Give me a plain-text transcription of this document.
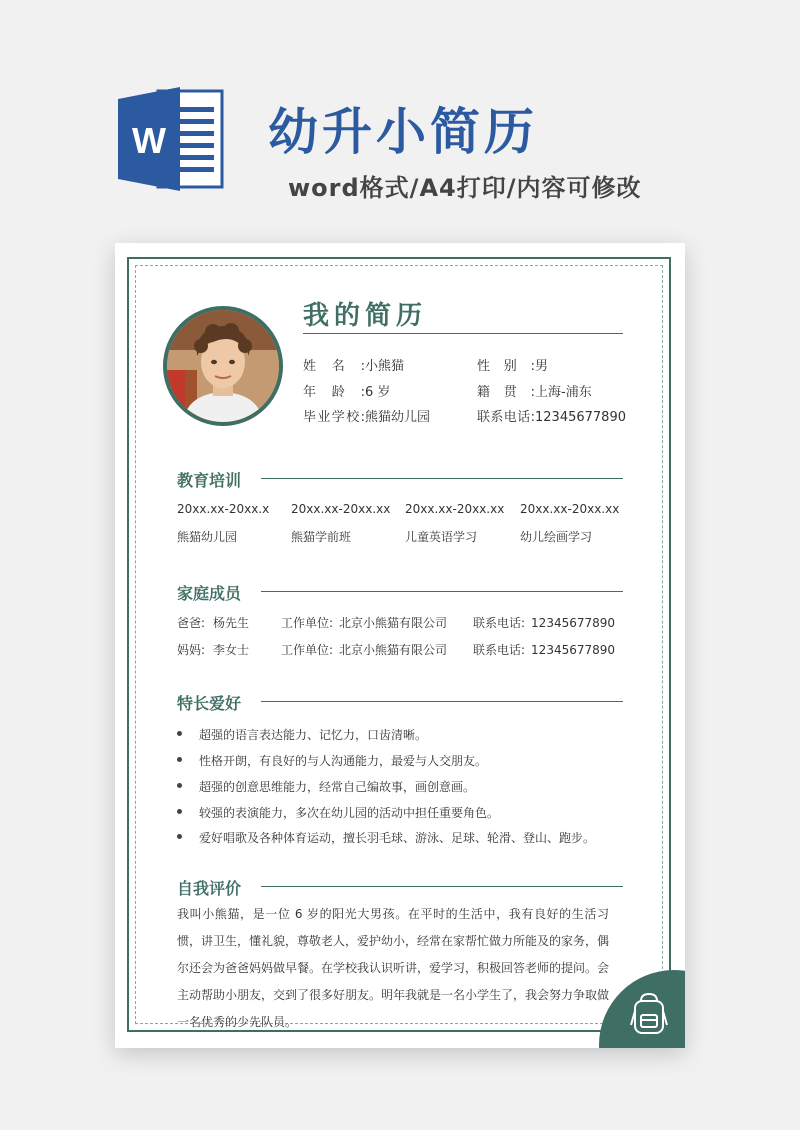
W 幼升小简历
word格式/A4打印/内容可修改
我的简历
姓名:小熊猫	性别:男
年龄:6 岁	籍贯:上海-浦东
毕业学校:熊猫幼儿园	联系电话:12345677890
教育培训
20xx.xx-20xx.x 20xx.xx-20xx.xx 20xx.xx-20xx.xx 20xx.xx-20xx.xx
熊猫幼儿园	熊猫学前班	儿童英语学习	幼儿绘画学习
家庭成员
爸爸: 杨先生	工作单位: 北京小熊猫有限公司 联系电话: 12345677890
妈妈: 李女士	工作单位: 北京小熊猫有限公司 联系电话: 12345677890
特长爱好
超强的语言表达能力、记忆力，口齿清晰。
性格开朗，有良好的与人沟通能力，最爱与人交朋友。
超强的创意思维能力，经常自己编故事，画创意画。
较强的表演能力，多次在幼儿园的活动中担任重要角色。
爱好唱歌及各种体育运动，擅长羽毛球、游泳、足球、轮滑、登山、跑步。
自我评价

我叫小熊猫，是一位 6 岁的阳光大男孩。在平时的生活中，我有良好的生活习惯，讲卫生，懂礼貌，尊敬老人，爱护幼小，经常在家帮忙做力所能及的家务，偶尔还会为爸爸妈妈做早餐。在学校我认识听讲，爱学习，积极回答老师的提问。会主动帮助小朋友，交到了很多好朋友。明年我就是一名小学生了，我会努力争取做一名优秀的少先队员。
